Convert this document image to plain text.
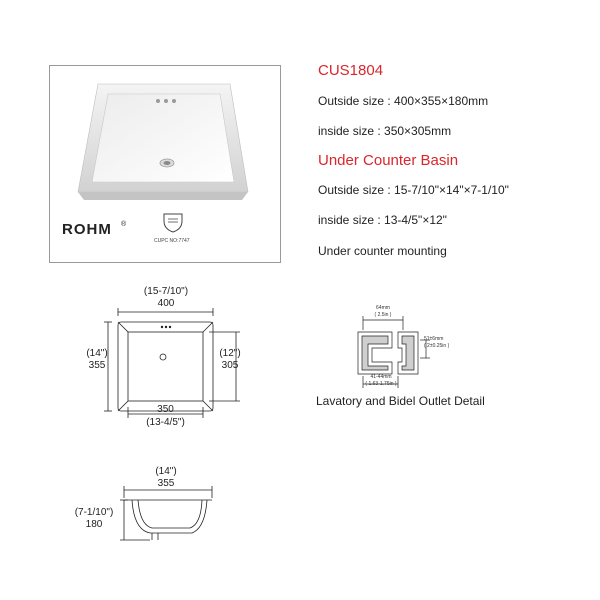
ROHM ®
CUPC NO:7747
CUS1804
Outside size : 400×355×180mm
inside size : 350×305mm
Under Counter Basin
Outside size : 15-7/10"×14"×7-1/10"
inside size : 13-4/5"×12"
Under counter mounting
(15-7/10")
400
(14")
355
(12")
305
350
(13-4/5")
(14")
355
(7-1/10")
180
64mm
( 2.5in )
51±6mm
( 2±0.25in )
41-44mm
( 1.63-1.75in )
Lavatory and Bidel Outlet Detail
